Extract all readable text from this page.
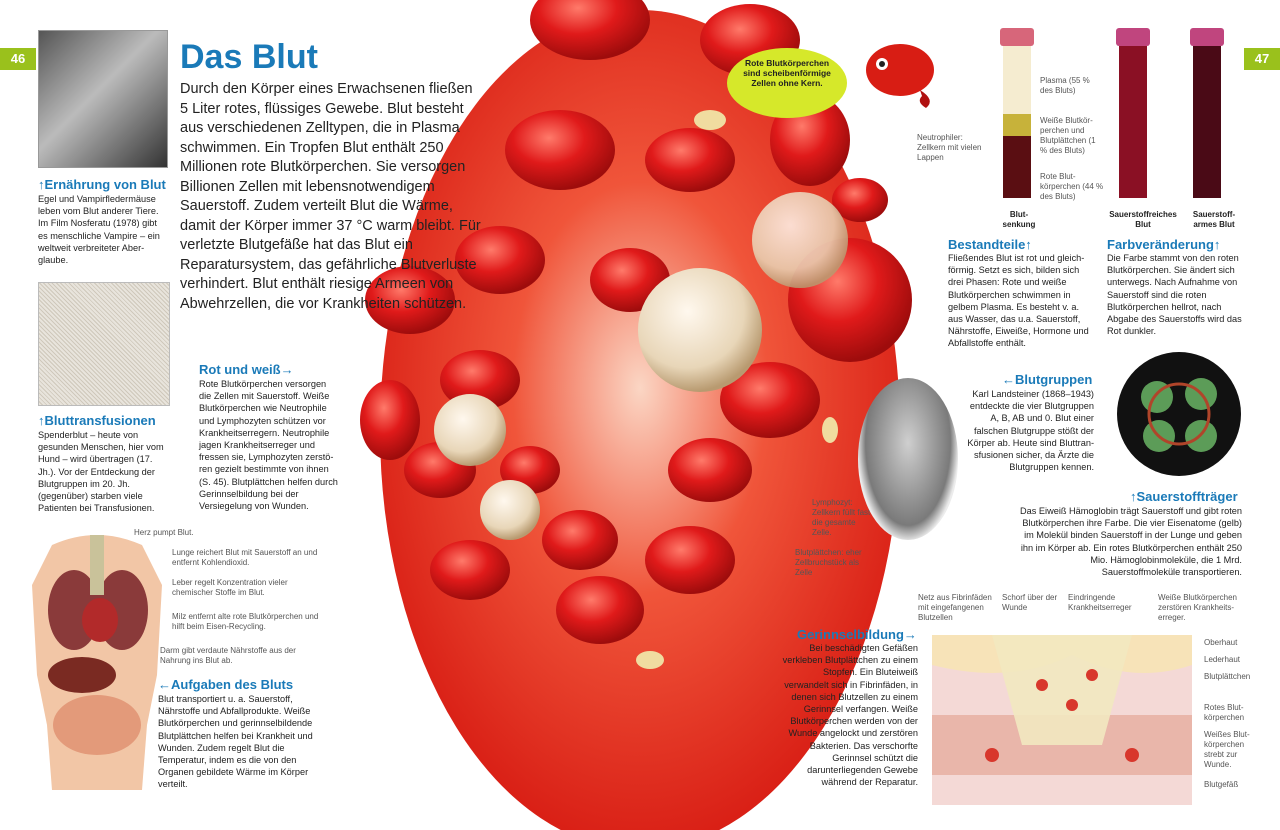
46	47
Das Blut
Durch den Körper eines Erwachsenen fließen 5 Liter rotes, flüssiges Gewebe. Blut besteht aus verschiedenen Zelltypen, die in Plasma schwimmen. Ein Tropfen Blut enthält 250 Millionen rote Blutkörperchen. Sie versorgen Billionen Zellen mit lebensnotwendigem Sauerstoff. Zudem verteilt Blut die Wärme, damit der Körper immer 37 °C warm bleibt. Für verletzte Blutgefäße hat das Blut ein Reparatursystem, das gefährliche Blutverluste verhindert. Blut enthält riesige Armeen von Abwehrzellen, die vor Krankheiten schützen.
↑Ernährung von Blut
Egel und Vampirfledermäuse leben vom Blut anderer Tiere. Im Film Nosferatu (1978) gibt es menschliche Vampire – ein weltweit verbreiteter Aberglaube.
↑Bluttransfusionen
Spenderblut – heute von gesunden Menschen, hier vom Hund – wird übertragen (17. Jh.). Vor der Entdeckung der Blutgruppen im 20. Jh. (gegenüber) starben viele Patienten bei Transfusionen.
Rot und weiß→
Rote Blutkörperchen versorgen die Zellen mit Sauerstoff. Weiße Blutkörperchen wie Neutrophile und Lymphozyten schützen vor Krankheitserregern. Neutrophile jagen Krankheitserreger und fressen sie, Lymphozyten zerstören gezielt bestimmte von ihnen (S. 45). Blutplättchen helfen durch Gerinnselbildung bei der Versiegelung von Wunden.
Herz pumpt Blut.
Lunge reichert Blut mit Sauerstoff an und entfernt Kohlendioxid.
Leber regelt Konzentration vieler chemischer Stoffe im Blut.
Milz entfernt alte rote Blutkörperchen und hilft beim Eisen-Recycling.
Darm gibt verdaute Nährstoffe aus der Nahrung ins Blut ab.
←Aufgaben des Bluts
Blut transportiert u. a. Sauerstoff, Nährstoffe und Abfallprodukte. Weiße Blutkörperchen und gerinnselbildende Blutplättchen helfen bei Krankheit und Wunden. Zudem regelt Blut die Temperatur, indem es die von den Organen gebildete Wärme im Körper verteilt.
Rote Blutkörperchen sind scheibenförmige Zellen ohne Kern.
Neutrophiler: Zellkern mit vielen Lappen
Lymphozyt: Zellkern füllt fast die gesamte Zelle.
Blutplättchen: eher Zellbruchstück als Zelle
Plasma (55 % des Bluts)
Weiße Blutkörperchen und Blutplättchen (1 % des Bluts)
Rote Blutkörperchen (44 % des Bluts)
Blutsenkung
Sauerstoffreiches Blut
Sauerstoffarmes Blut
Bestandteile↑
Fließendes Blut ist rot und gleichförmig. Setzt es sich, bilden sich drei Phasen: Rote und weiße Blutkörperchen schwimmen in gelbem Plasma. Es besteht v. a. aus Wasser, das u.a. Sauerstoff, Nährstoffe, Eiweiße, Hormone und Abfallstoffe enthält.
Farbveränderung↑
Die Farbe stammt von den roten Blutkörperchen. Sie ändert sich unterwegs. Nach Aufnahme von Sauerstoff sind die roten Blutkörperchen hellrot, nach Abgabe des Sauerstoffs wird das Rot dunkler.
←Blutgruppen
Karl Landsteiner (1868–1943) entdeckte die vier Blutgruppen A, B, AB und 0. Blut einer falschen Blutgruppe stößt der Körper ab. Heute sind Bluttransfusionen sicher, da Ärzte die Blutgruppen kennen.
↑Sauerstoffträger
Das Eiweiß Hämoglobin trägt Sauerstoff und gibt roten Blutkörperchen ihre Farbe. Die vier Eisenatome (gelb) im Molekül binden Sauerstoff in der Lunge und geben ihn im Körper ab. Ein rotes Blutkörperchen enthält 250 Mio. Hämoglobinmoleküle, die 1 Mrd. Sauerstoffmoleküle transportieren.
Gerinnselbildung→
Bei beschädigten Gefäßen verkleben Blutplättchen zu einem Stopfen. Ein Bluteiweiß verwandelt sich in Fibrinfäden, in denen sich Blutzellen zu einem Gerinnsel verfangen. Weiße Blutkörperchen werden von der Wunde angelockt und zerstören Bakterien. Das verschorfte Gerinnsel schützt die darunterliegenden Gewebe während der Reparatur.
Netz aus Fibrinfäden mit eingefangenen Blutzellen
Schorf über der Wunde
Eindringende Krankheitserreger
Weiße Blutkörperchen zerstören Krankheitserreger.
Oberhaut
Lederhaut
Blutplättchen
Rotes Blutkörperchen
Weißes Blutkörperchen strebt zur Wunde.
Blutgefäß
